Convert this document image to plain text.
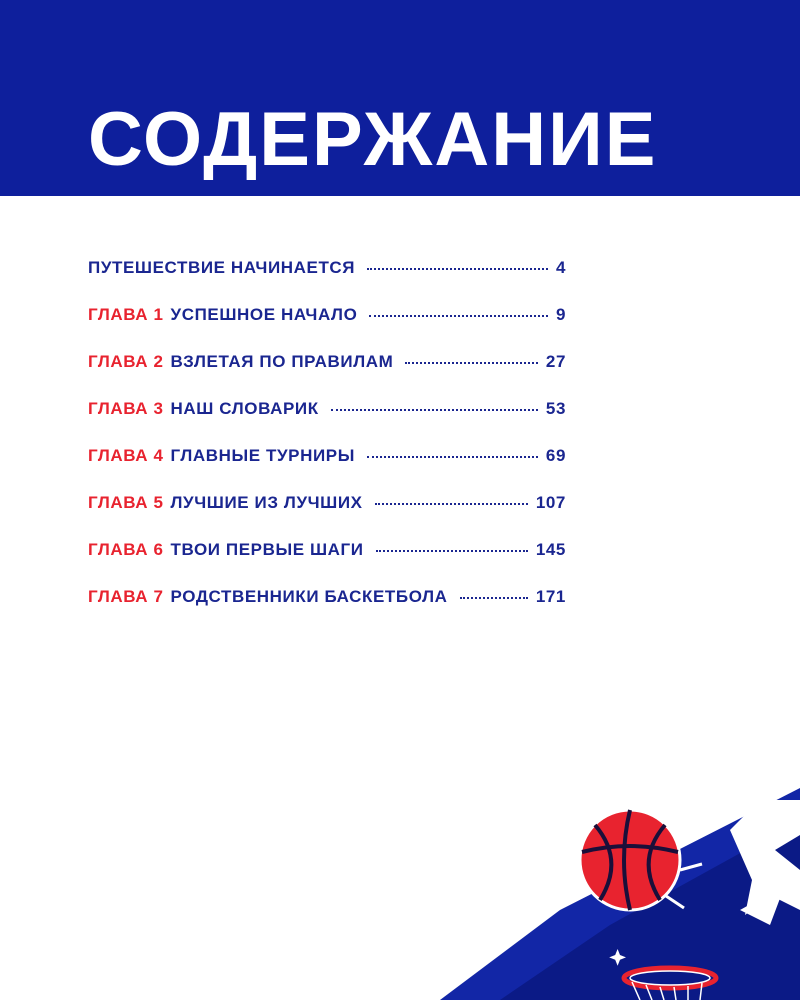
СОДЕРЖАНИЕ
ПУТЕШЕСТВИЕ НАЧИНАЕТСЯ	4
ГЛАВА 1 УСПЕШНОЕ НАЧАЛО	9
ГЛАВА 2 ВЗЛЕТАЯ ПО ПРАВИЛАМ	27
ГЛАВА 3 НАШ СЛОВАРИК	53
ГЛАВА 4 ГЛАВНЫЕ ТУРНИРЫ	69
ГЛАВА 5 ЛУЧШИЕ ИЗ ЛУЧШИХ	107
ГЛАВА 6 ТВОИ ПЕРВЫЕ ШАГИ	145
ГЛАВА 7 РОДСТВЕННИКИ БАСКЕТБОЛА	171
